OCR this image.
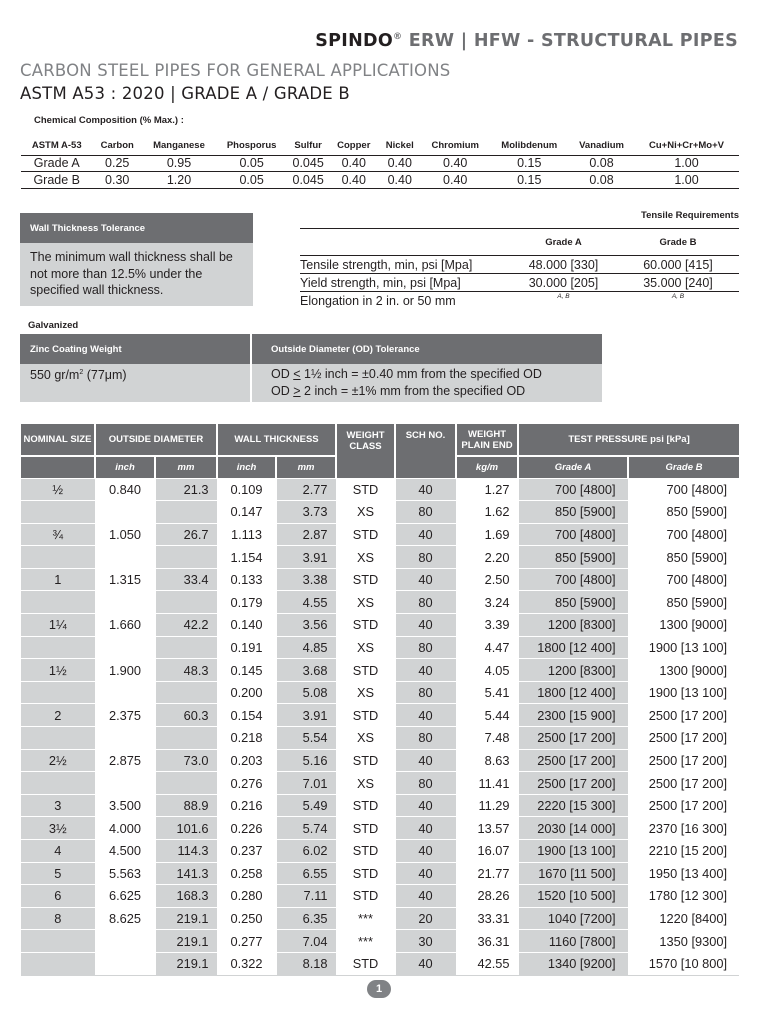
SPINDO® ERW | HFW - STRUCTURAL PIPES
CARBON STEEL PIPES FOR GENERAL APPLICATIONS
ASTM A53 : 2020 | GRADE A / GRADE B
Chemical Composition (% Max.) :
ASTM A-53	Carbon	Manganese	Phosporus	Sulfur	Copper	Nickel	Chromium	Molibdenum	Vanadium	Cu+Ni+Cr+Mo+V
Grade A	0.25	0.95	0.05	0.045	0.40	0.40	0.40	0.15	0.08	1.00
Grade B	0.30	1.20	0.05	0.045	0.40	0.40	0.40	0.15	0.08	1.00
Wall Thickness Tolerance
The minimum wall thickness shall be not more than 12.5% under the specified wall thickness.
Tensile Requirements
	Grade A	Grade B
Tensile strength, min, psi [Mpa]	48.000 [330]	60.000 [415]
Yield strength, min, psi [Mpa]	30.000 [205]	35.000 [240]
Elongation in 2 in. or 50 mm	A, B	A, B
Galvanized
Zinc Coating Weight	Outside Diameter (OD) Tolerance
550 $gr/m^2$ (77μm)	OD ≤ 1½ inch = ±0.40 mm from the specified OD
OD ≥ 2 inch = ±1% mm from the specified OD
NOMINAL SIZE	OUTSIDE DIAMETER		WALL THICKNESS		WEIGHT CLASS	SCH NO.	WEIGHT PLAIN END	TEST PRESSURE psi [kPa]	
	inch	mm	inch	mm			kg/m	Grade A	Grade B
½	0.840	21.3	0.109	2.77	STD	40	1.27	700 [4800]	700 [4800]
			0.147	3.73	XS	80	1.62	850 [5900]	850 [5900]
¾	1.050	26.7	1.113	2.87	STD	40	1.69	700 [4800]	700 [4800]
			1.154	3.91	XS	80	2.20	850 [5900]	850 [5900]
1	1.315	33.4	0.133	3.38	STD	40	2.50	700 [4800]	700 [4800]
			0.179	4.55	XS	80	3.24	850 [5900]	850 [5900]
1¼	1.660	42.2	0.140	3.56	STD	40	3.39	1200 [8300]	1300 [9000]
			0.191	4.85	XS	80	4.47	1800 [12 400]	1900 [13 100]
1½	1.900	48.3	0.145	3.68	STD	40	4.05	1200 [8300]	1300 [9000]
			0.200	5.08	XS	80	5.41	1800 [12 400]	1900 [13 100]
2	2.375	60.3	0.154	3.91	STD	40	5.44	2300 [15 900]	2500 [17 200]
			0.218	5.54	XS	80	7.48	2500 [17 200]	2500 [17 200]
2½	2.875	73.0	0.203	5.16	STD	40	8.63	2500 [17 200]	2500 [17 200]
			0.276	7.01	XS	80	11.41	2500 [17 200]	2500 [17 200]
3	3.500	88.9	0.216	5.49	STD	40	11.29	2220 [15 300]	2500 [17 200]
3½	4.000	101.6	0.226	5.74	STD	40	13.57	2030 [14 000]	2370 [16 300]
4	4.500	114.3	0.237	6.02	STD	40	16.07	1900 [13 100]	2210 [15 200]
5	5.563	141.3	0.258	6.55	STD	40	21.77	1670 [11 500]	1950 [13 400]
6	6.625	168.3	0.280	7.11	STD	40	28.26	1520 [10 500]	1780 [12 300]
8	8.625	219.1	0.250	6.35	***	20	33.31	1040 [7200]	1220 [8400]
		219.1	0.277	7.04	***	30	36.31	1160 [7800]	1350 [9300]
		219.1	0.322	8.18	STD	40	42.55	1340 [9200]	1570 [10 800]
1
